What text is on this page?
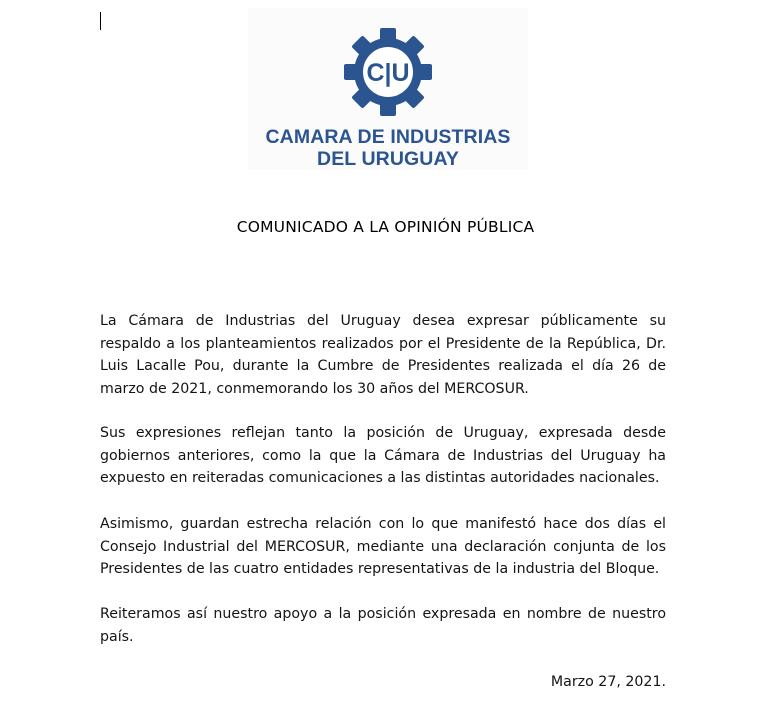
C|U
CAMARA DE INDUSTRIAS
DEL URUGUAY
COMUNICADO A LA OPINIÓN PÚBLICA

La Cámara de Industrias del Uruguay desea expresar públicamente su respaldo a los planteamientos realizados por el Presidente de la República, Dr. Luis Lacalle Pou, durante la Cumbre de Presidentes realizada el día 26 de marzo de 2021, conmemorando los 30 años del MERCOSUR.

Sus expresiones reflejan tanto la posición de Uruguay, expresada desde gobiernos anteriores, como la que la Cámara de Industrias del Uruguay ha expuesto en reiteradas comunicaciones a las distintas autoridades nacionales.

Asimismo, guardan estrecha relación con lo que manifestó hace dos días el Consejo Industrial del MERCOSUR, mediante una declaración conjunta de los Presidentes de las cuatro entidades representativas de la industria del Bloque.

Reiteramos así nuestro apoyo a la posición expresada en nombre de nuestro país.

Marzo 27, 2021.
